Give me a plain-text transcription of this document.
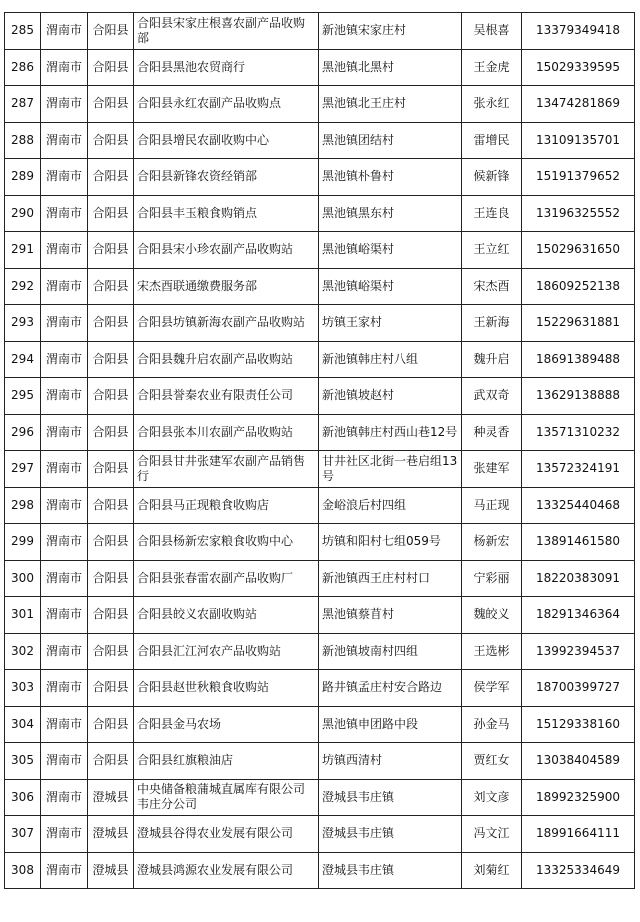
285	渭南市	合阳县	合阳县宋家庄根喜农副产品收购部	新池镇宋家庄村	吴根喜	13379349418
286	渭南市	合阳县	合阳县黑池农贸商行	黑池镇北黑村	王金虎	15029339595
287	渭南市	合阳县	合阳县永红农副产品收购点	黑池镇北王庄村	张永红	13474281869
288	渭南市	合阳县	合阳县增民农副收购中心	黑池镇团结村	雷增民	13109135701
289	渭南市	合阳县	合阳县新锋农资经销部	黑池镇朴鲁村	候新锋	15191379652
290	渭南市	合阳县	合阳县丰玉粮食购销点	黑池镇黑东村	王连良	13196325552
291	渭南市	合阳县	合阳县宋小珍农副产品收购站	黑池镇峪渠村	王立红	15029631650
292	渭南市	合阳县	宋杰酉联通缴费服务部	黑池镇峪渠村	宋杰酉	18609252138
293	渭南市	合阳县	合阳县坊镇新海农副产品收购站	坊镇王家村	王新海	15229631881
294	渭南市	合阳县	合阳县魏升启农副产品收购站	新池镇韩庄村八组	魏升启	18691389488
295	渭南市	合阳县	合阳县誉秦农业有限责任公司	新池镇坡赵村	武双奇	13629138888
296	渭南市	合阳县	合阳县张本川农副产品收购站	新池镇韩庄村西山巷12号	种灵香	13571310232
297	渭南市	合阳县	合阳县甘井张建军农副产品销售行	甘井社区北街一巷启组13号	张建军	13572324191
298	渭南市	合阳县	合阳县马正现粮食收购店	金峪浪后村四组	马正现	13325440468
299	渭南市	合阳县	合阳县杨新宏家粮食收购中心	坊镇和阳村七组059号	杨新宏	13891461580
300	渭南市	合阳县	合阳县张春雷农副产品收购厂	新池镇西王庄村村口	宁彩丽	18220383091
301	渭南市	合阳县	合阳县皎义农副收购站	黑池镇蔡苜村	魏皎义	18291346364
302	渭南市	合阳县	合阳县汇江河农产品收购站	新池镇坡南村四组	王选彬	13992394537
303	渭南市	合阳县	合阳县赵世秋粮食收购站	路井镇孟庄村安合路边	侯学军	18700399727
304	渭南市	合阳县	合阳县金马农场	黑池镇申团路中段	孙金马	15129338160
305	渭南市	合阳县	合阳县红旗粮油店	坊镇西清村	贾红女	13038404589
306	渭南市	澄城县	中央储备粮蒲城直属库有限公司韦庄分公司	澄城县韦庄镇	刘文彦	18992325900
307	渭南市	澄城县	澄城县谷得农业发展有限公司	澄城县韦庄镇	冯文江	18991664111
308	渭南市	澄城县	澄城县鸿源农业发展有限公司	澄城县韦庄镇	刘菊红	13325334649
